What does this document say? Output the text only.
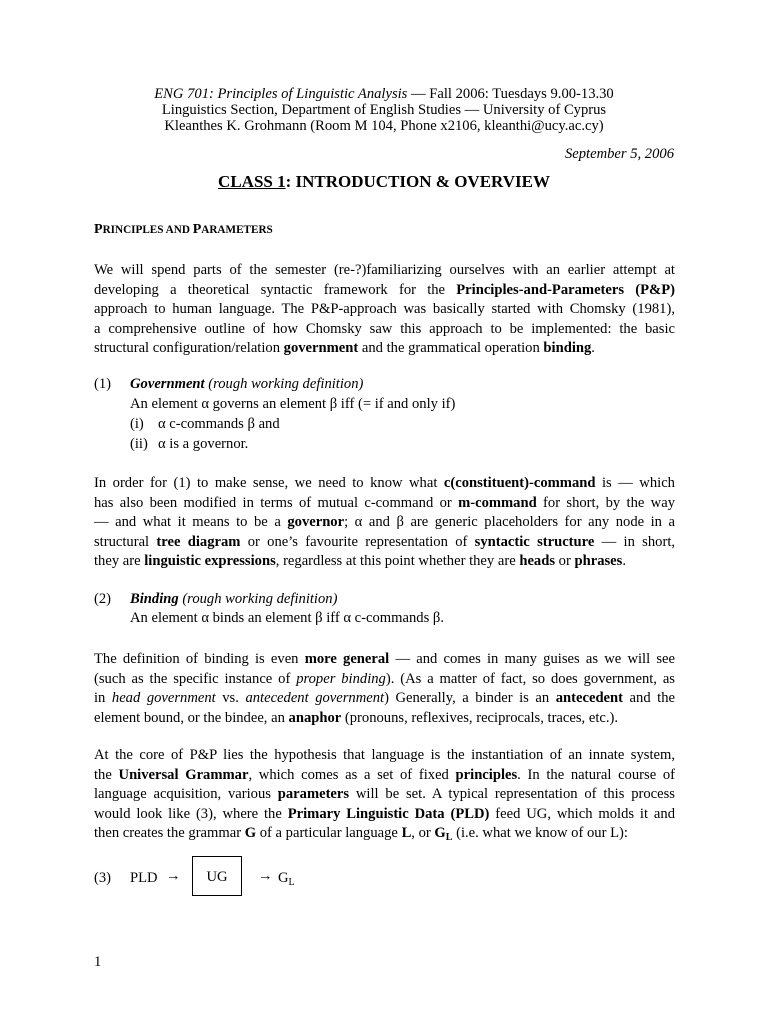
ENG 701: Principles of Linguistic Analysis — Fall 2006: Tuesdays 9.00-13.30
Linguistics Section, Department of English Studies — University of Cyprus
Kleanthes K. Grohmann (Room M 104, Phone x2106, kleanthi@ucy.ac.cy)
September 5, 2006
CLASS 1: INTRODUCTION & OVERVIEW
PRINCIPLES AND PARAMETERS
We will spend parts of the semester (re-?)familiarizing ourselves with an earlier attempt at
developing a theoretical syntactic framework for the Principles-and-Parameters (P&P)
approach to human language. The P&P-approach was basically started with Chomsky (1981),
a comprehensive outline of how Chomsky saw this approach to be implemented: the basic
structural configuration/relation government and the grammatical operation binding.
(1) Government (rough working definition)
An element α governs an element β iff (= if and only if)
(i) α c-commands β and
(ii) α is a governor.
In order for (1) to make sense, we need to know what c(constituent)-command is — which
has also been modified in terms of mutual c-command or m-command for short, by the way
— and what it means to be a governor; α and β are generic placeholders for any node in a
structural tree diagram or one’s favourite representation of syntactic structure — in short,
they are linguistic expressions, regardless at this point whether they are heads or phrases.
(2) Binding (rough working definition)
An element α binds an element β iff α c-commands β.
The definition of binding is even more general — and comes in many guises as we will see
(such as the specific instance of proper binding). (As a matter of fact, so does government, as
in head government vs. antecedent government) Generally, a binder is an antecedent and the
element bound, or the bindee, an anaphor (pronouns, reflexives, reciprocals, traces, etc.).
At the core of P&P lies the hypothesis that language is the instantiation of an innate system,
the Universal Grammar, which comes as a set of fixed principles. In the natural course of
language acquisition, various parameters will be set. A typical representation of this process
would look like (3), where the Primary Linguistic Data (PLD) feed UG, which molds it and
then creates the grammar G of a particular language L, or $G_L$ (i.e. what we know of our L):
(3) PLD →	UG	→ $G_L$
1
